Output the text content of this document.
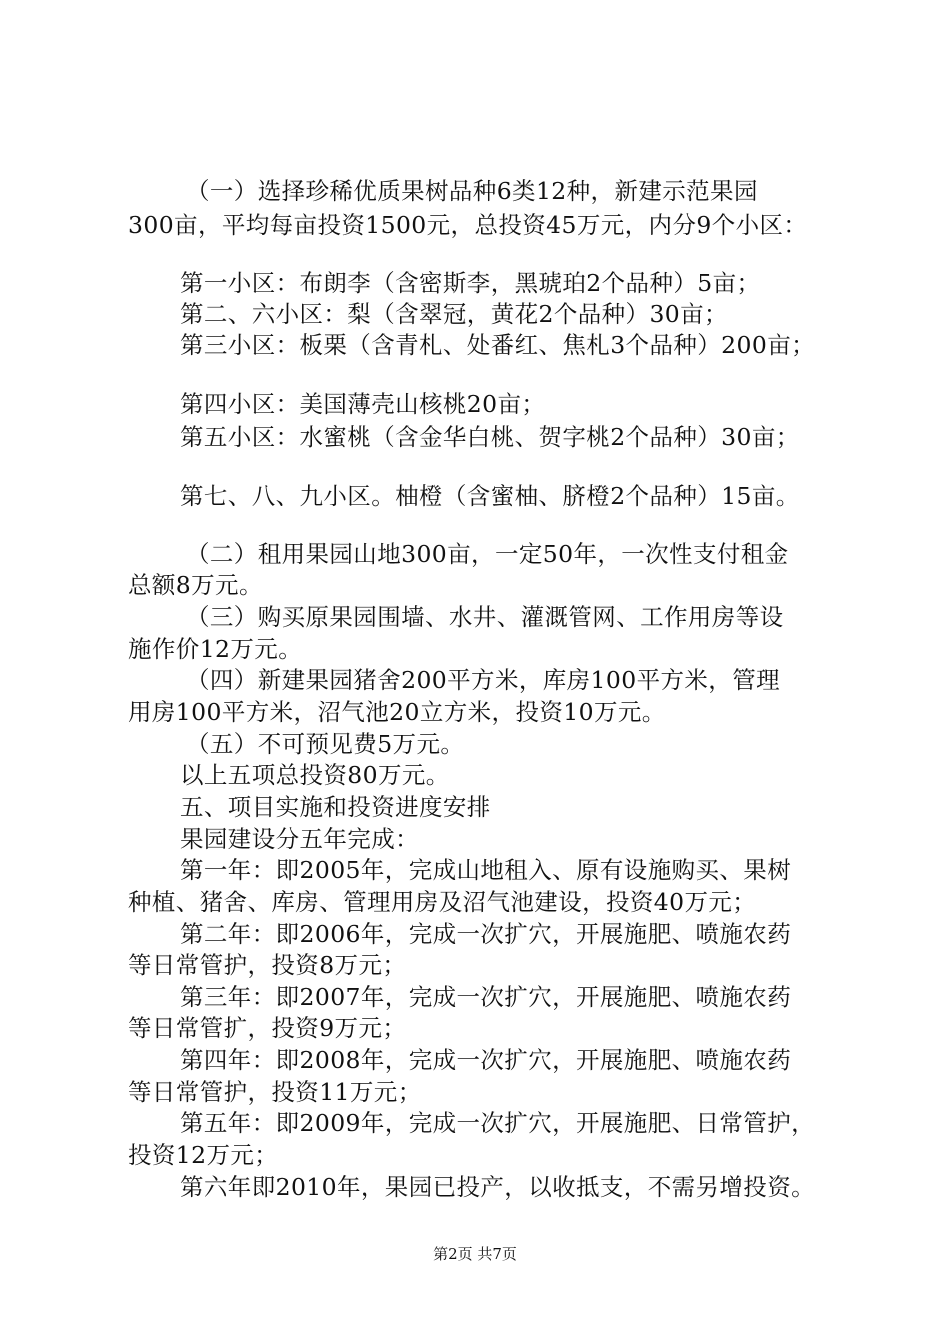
（一）选择珍稀优质果树品种6类12种，新建示范果园
300亩，平均每亩投资1500元，总投资45万元，内分9个小区：
第一小区：布朗李（含密斯李，黑琥珀2个品种）5亩；
第二、六小区：梨（含翠冠，黄花2个品种）30亩；
第三小区：板栗（含青札、处番红、焦札3个品种）200亩；
第四小区：美国薄壳山核桃20亩；
第五小区：水蜜桃（含金华白桃、贺字桃2个品种）30亩；
第七、八、九小区。柚橙（含蜜柚、脐橙2个品种）15亩。
（二）租用果园山地300亩，一定50年，一次性支付租金
总额8万元。
（三）购买原果园围墙、水井、灌溉管网、工作用房等设
施作价12万元。
（四）新建果园猪舍200平方米，库房100平方米，管理
用房100平方米，沼气池20立方米，投资10万元。
（五）不可预见费5万元。
以上五项总投资80万元。
五、项目实施和投资进度安排
果园建设分五年完成：
第一年：即2005年，完成山地租入、原有设施购买、果树
种植、猪舍、库房、管理用房及沼气池建设，投资40万元；
第二年：即2006年，完成一次扩穴，开展施肥、喷施农药
等日常管护，投资8万元；
第三年：即2007年，完成一次扩穴，开展施肥、喷施农药
等日常管扩，投资9万元；
第四年：即2008年，完成一次扩穴，开展施肥、喷施农药
等日常管护，投资11万元；
第五年：即2009年，完成一次扩穴，开展施肥、日常管护，
投资12万元；
第六年即2010年，果园已投产，以收抵支，不需另增投资。
第2页 共7页
